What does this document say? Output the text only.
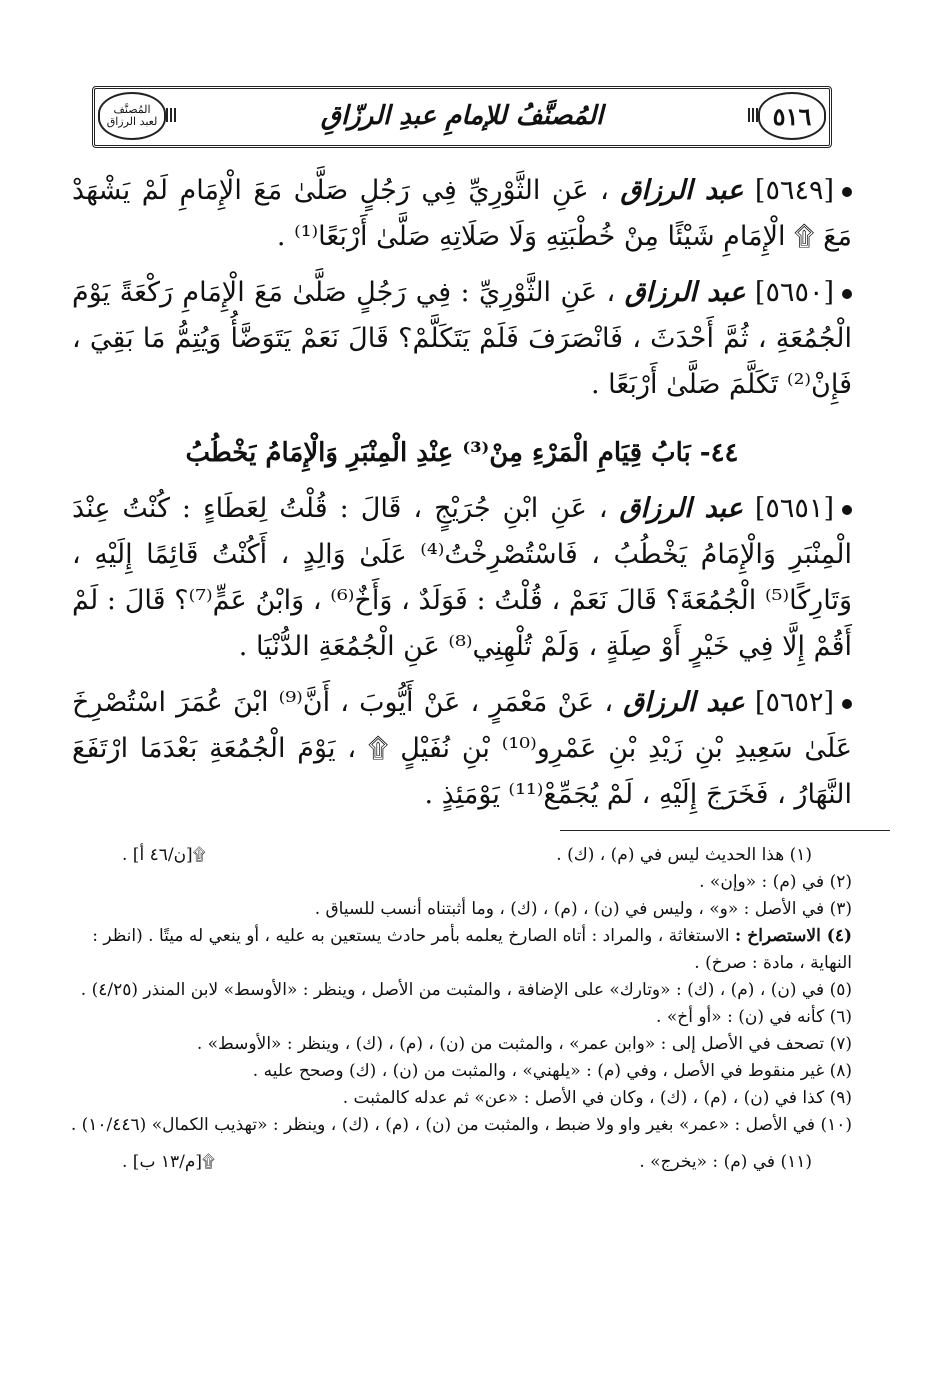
٥١٦
المُصنَّفُ للإمامِ عبدِ الرزّاقِ
المُصنَّف
لعبد الرزاق

[٥٦٤٩] عبد الرزاق ، عَنِ الثَّوْرِيِّ فِي رَجُلٍ صَلَّىٰ مَعَ الْإِمَامِ لَمْ يَشْهَدْ مَعَ ۩ الْإِمَامِ شَيْئًا مِنْ خُطْبَتِهِ وَلَا صَلَاتِهِ صَلَّىٰ أَرْبَعًا⁽¹⁾ .

[٥٦٥٠] عبد الرزاق ، عَنِ الثَّوْرِيِّ : فِي رَجُلٍ صَلَّىٰ مَعَ الْإِمَامِ رَكْعَةً يَوْمَ الْجُمُعَةِ ، ثُمَّ أَحْدَثَ ، فَانْصَرَفَ فَلَمْ يَتَكَلَّمْ؟ قَالَ نَعَمْ يَتَوَضَّأُ وَيُتِمُّ مَا بَقِيَ ، فَإِنْ⁽²⁾ تَكَلَّمَ صَلَّىٰ أَرْبَعًا .

٤٤- بَابُ قِيَامِ الْمَرْءِ مِنْ⁽³⁾ عِنْدِ الْمِنْبَرِ وَالْإِمَامُ يَخْطُبُ

[٥٦٥١] عبد الرزاق ، عَنِ ابْنِ جُرَيْجٍ ، قَالَ : قُلْتُ لِعَطَاءٍ : كُنْتُ عِنْدَ الْمِنْبَرِ وَالْإِمَامُ يَخْطُبُ ، فَاسْتُصْرِخْتُ⁽⁴⁾ عَلَىٰ وَالِدٍ ، أَكُنْتُ قَائِمًا إِلَيْهِ ، وَتَارِكًا⁽⁵⁾ الْجُمُعَةَ؟ قَالَ نَعَمْ ، قُلْتُ : فَوَلَدٌ ، وَأَخٌ⁽⁶⁾ ، وَابْنُ عَمٍّ⁽⁷⁾؟ قَالَ : لَمْ أَقُمْ إِلَّا فِي خَيْرٍ أَوْ صِلَةٍ ، وَلَمْ تُلْهِنِي⁽⁸⁾ عَنِ الْجُمُعَةِ الدُّنْيَا .

[٥٦٥٢] عبد الرزاق ، عَنْ مَعْمَرٍ ، عَنْ أَيُّوبَ ، أَنَّ⁽⁹⁾ ابْنَ عُمَرَ اسْتُصْرِخَ عَلَىٰ سَعِيدِ بْنِ زَيْدِ بْنِ عَمْرِو⁽¹⁰⁾ بْنِ نُفَيْلٍ ۩ ، يَوْمَ الْجُمُعَةِ بَعْدَمَا ارْتَفَعَ النَّهَارُ ، فَخَرَجَ إِلَيْهِ ، لَمْ يُجَمِّعْ⁽¹¹⁾ يَوْمَئِذٍ .

(١) هذا الحديث ليس في (م) ، (ك) .
۩[ن/٤٦ أ] .

(٢) في (م) : «وإن» .

(٣) في الأصل : «و» ، وليس في (ن) ، (م) ، (ك) ، وما أثبتناه أنسب للسياق .

(٤) الاستصراخ : الاستغاثة ، والمراد : أتاه الصارخ يعلمه بأمر حادث يستعين به عليه ، أو ينعي له ميتًا . (انظر : النهاية ، مادة : صرخ) .

(٥) في (ن) ، (م) ، (ك) : «وتارك» على الإضافة ، والمثبت من الأصل ، وينظر : «الأوسط» لابن المنذر (٤/٢٥) .

(٦) كأنه في (ن) : «أو أخ» .

(٧) تصحف في الأصل إلى : «وابن عمر» ، والمثبت من (ن) ، (م) ، (ك) ، وينظر : «الأوسط» .

(٨) غير منقوط في الأصل ، وفي (م) : «يلهني» ، والمثبت من (ن) ، (ك) وصحح عليه .

(٩) كذا في (ن) ، (م) ، (ك) ، وكان في الأصل : «عن» ثم عدله كالمثبت .

(١٠) في الأصل : «عمر» بغير واو ولا ضبط ، والمثبت من (ن) ، (م) ، (ك) ، وينظر : «تهذيب الكمال» (١٠/٤٤٦) .

(١١) في (م) : «يخرج» .
۩[م/١٣ ب] .
